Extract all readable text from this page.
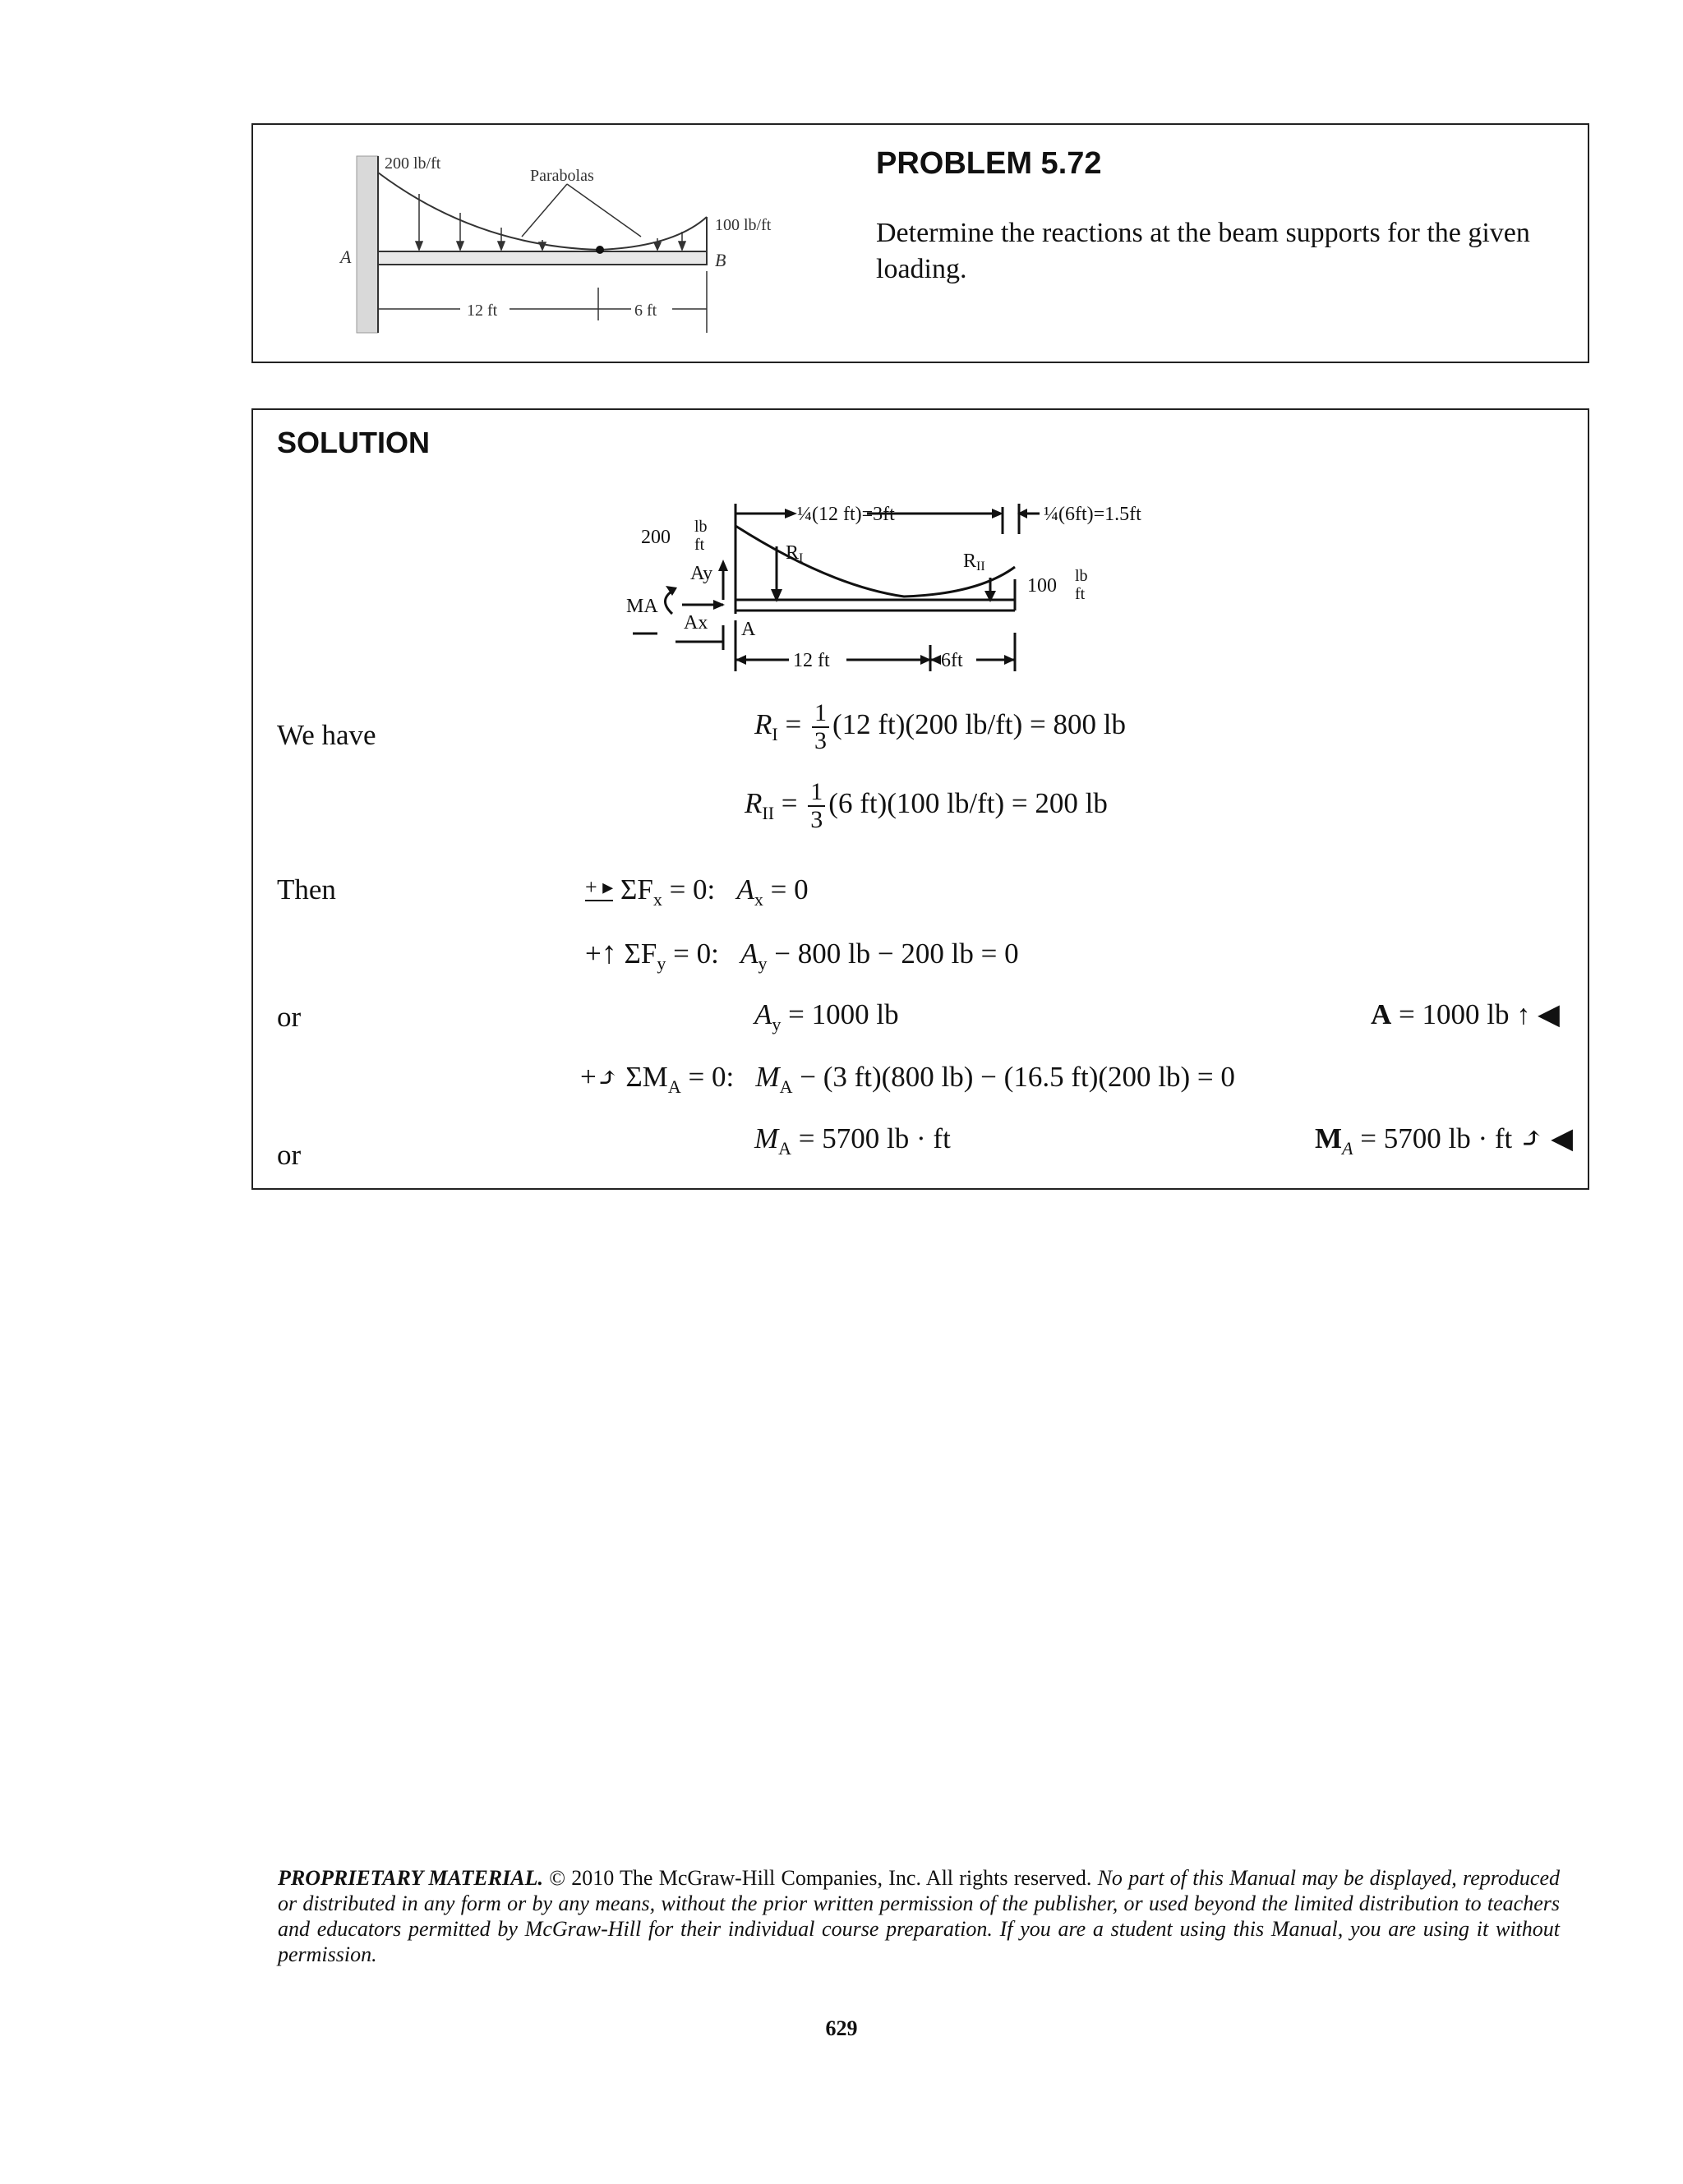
Parabolas
200 lb/ft
100 lb/ft
A	B
12 ft	6 ft
PROBLEM 5.72
Determine the reactions at the beam supports for the given loading.
SOLUTION
¼(12 ft)=3ft	¼(6ft)=1.5ft
200 lb
ft
100 lb
ft
RI	RII
Ay
Ax
MA
A
12 ft	6ft
We have
Then
or
or
$R_I = \frac{1}{3} (12$ ft)(200 lb/ft) = 800 lb
$R_{II} = \frac{1}{3} (6$ ft)(100 lb/ft) = 200 lb
+ ▸ $\Sigma F_x = 0$: $A_x = 0$
+↑ $\Sigma F_y = 0$: $A_y - 800$ lb − 200 lb = 0
$A_y = 1000$ lb	A = 1000 lb ↑ ◀
+⤴ $\Sigma M_A = 0$: $M_A - (3$ ft)(800 lb) − (16.5 ft)(200 lb) = 0
$M_A = 5700$ lb · ft	$M_A = 5700$ lb · ft ⤴ ◀
PROPRIETARY MATERIAL. © 2010 The McGraw-Hill Companies, Inc. All rights reserved. No part of this Manual may be displayed, reproduced or distributed in any form or by any means, without the prior written permission of the publisher, or used beyond the limited distribution to teachers and educators permitted by McGraw-Hill for their individual course preparation. If you are a student using this Manual, you are using it without permission.
629
